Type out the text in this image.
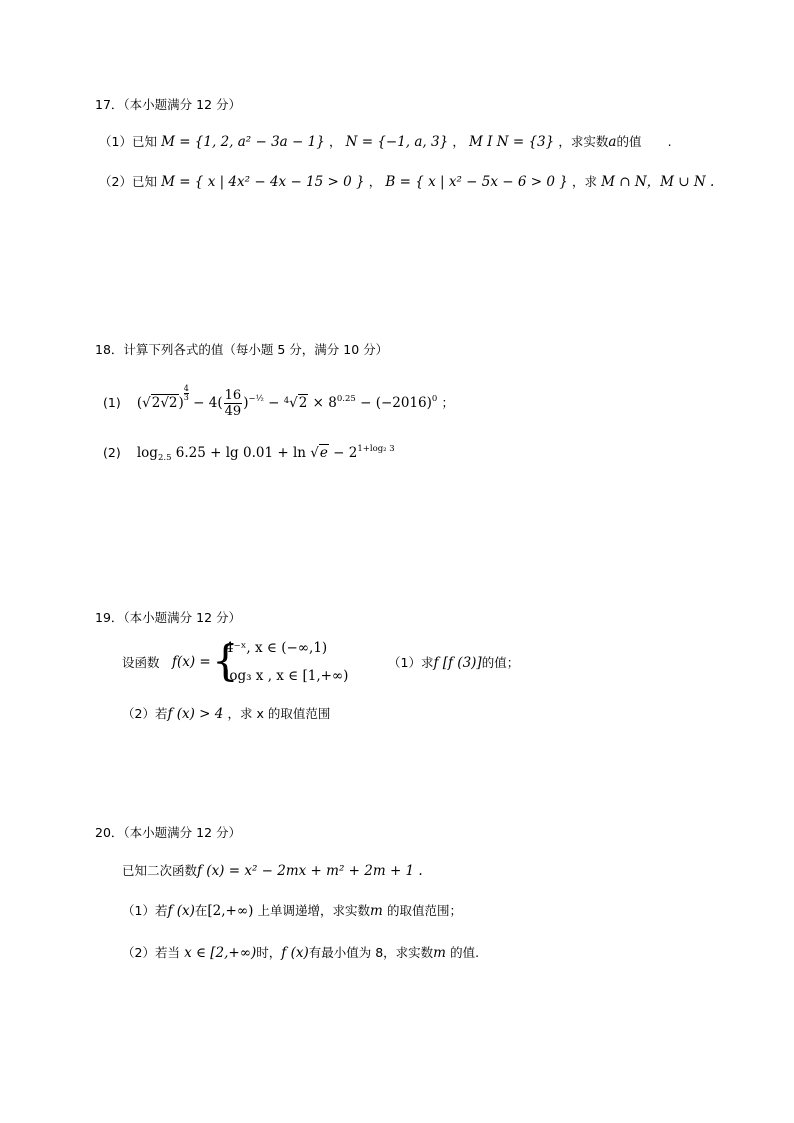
17．（本小题满分 12 分）
（1）已知 M = {1, 2, a² − 3a − 1} ， N = {−1, a, 3} ， M I N = {3} ，求实数a的值 .
（2）已知 M = { x | 4x² − 4x − 15 > 0 } ， B = { x | x² − 5x − 6 > 0 } ，求 M ∩ N，M ∪ N .
18．计算下列各式的值（每小题 5 分，满分 10 分）
(1) (√2√2)
$\frac{4}{3} - 4( \frac{16}{49} )^{-\frac{1}{2}} - ^4√2 \times 8^{0.25} - (-2016)^0$ ；
(2) $\log_{2.5} 6.25 + \lg 0.01 + \ln √e - 2^{1+log_2 3}$
19．（本小题满分 12 分）
设函数 f(x) = {
4⁻ˣ, x ∈ (−∞,1)
log₃ x , x ∈ [1,+∞)
（1）求f [f (3)]的值；
（2）若f (x) > 4 ，求 x 的取值范围
20．（本小题满分 12 分）
已知二次函数f (x) = x² − 2mx + m² + 2m + 1 .
（1）若f (x)在[2,+∞) 上单调递增，求实数m 的取值范围；
（2）若当 x ∈ [2,+∞)时，f (x)有最小值为 8，求实数m 的值.
